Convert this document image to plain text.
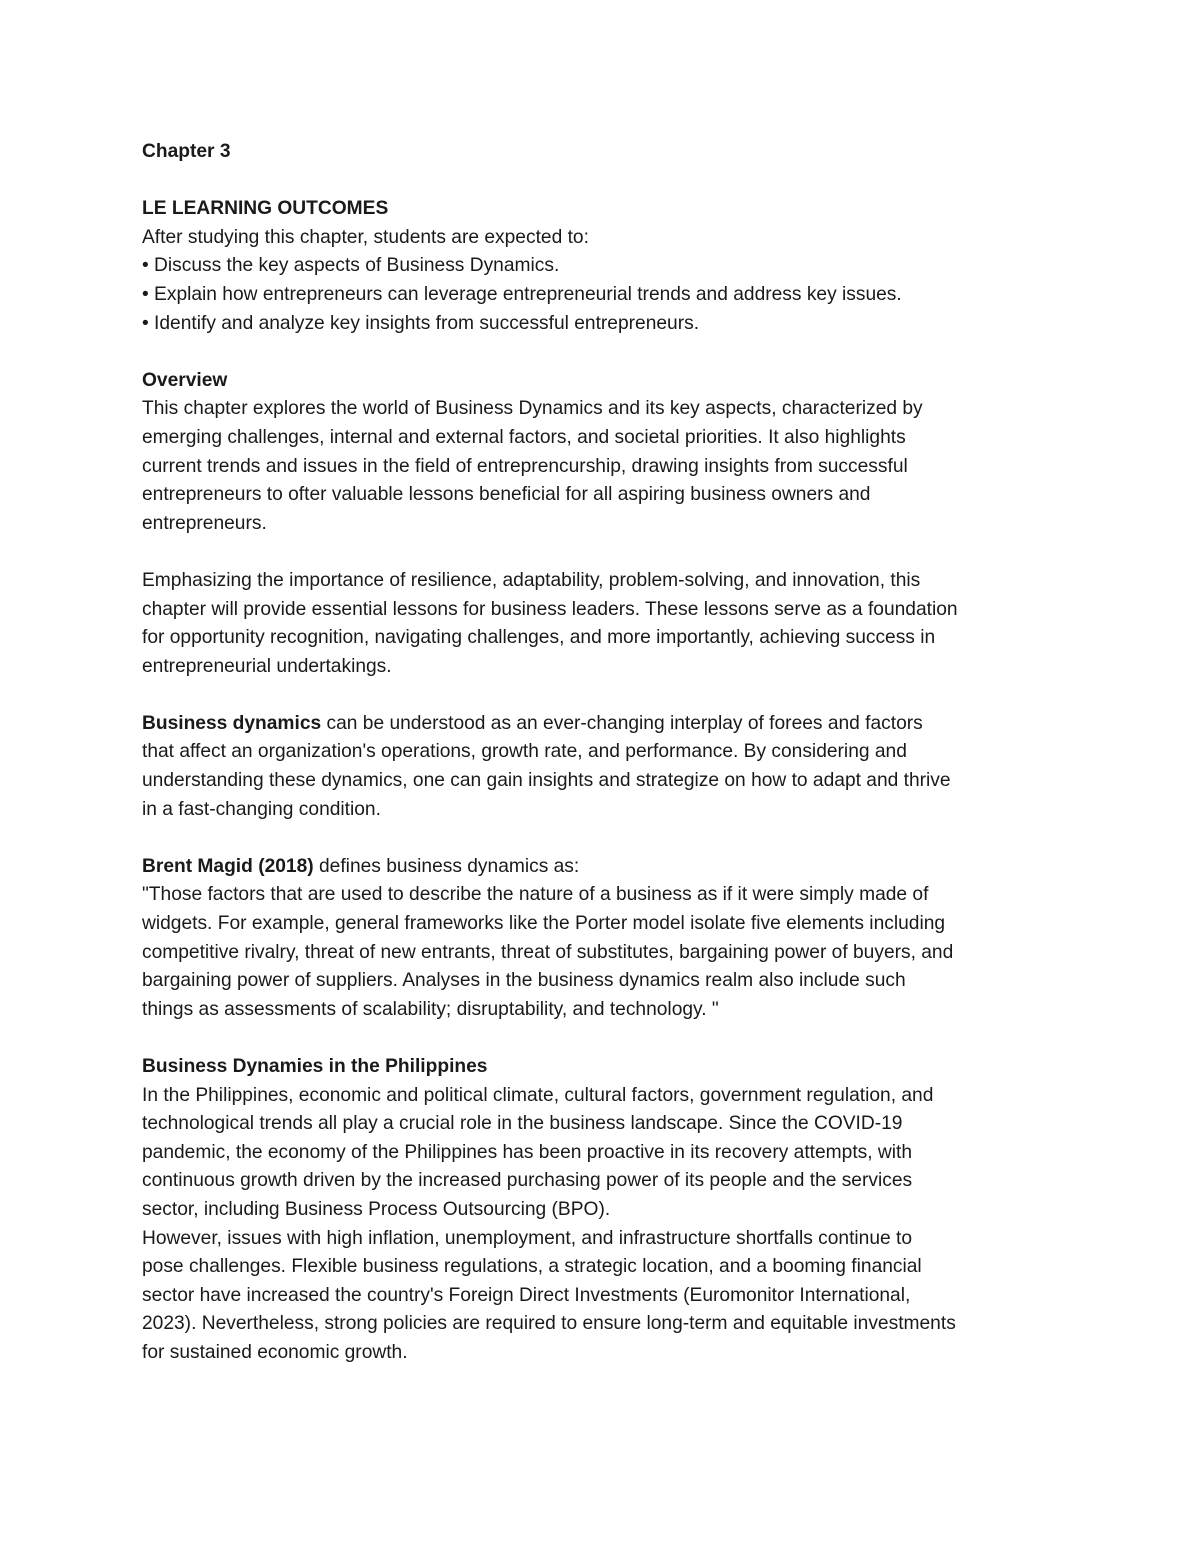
Chapter 3
LE LEARNING OUTCOMES
After studying this chapter, students are expected to:
• Discuss the key aspects of Business Dynamics.
• Explain how entrepreneurs can leverage entrepreneurial trends and address key issues.
• Identify and analyze key insights from successful entrepreneurs.
Overview
This chapter explores the world of Business Dynamics and its key aspects, characterized by
emerging challenges, internal and external factors, and societal priorities. It also highlights
current trends and issues in the field of entreprencurship, drawing insights from successful
entrepreneurs to ofter valuable lessons beneficial for all aspiring business owners and
entrepreneurs.
Emphasizing the importance of resilience, adaptability, problem-solving, and innovation, this
chapter will provide essential lessons for business leaders. These lessons serve as a foundation
for opportunity recognition, navigating challenges, and more importantly, achieving success in
entrepreneurial undertakings.
Business dynamics can be understood as an ever-changing interplay of forees and factors
that affect an organization's operations, growth rate, and performance. By considering and
understanding these dynamics, one can gain insights and strategize on how to adapt and thrive
in a fast-changing condition.
Brent Magid (2018) defines business dynamics as:
"Those factors that are used to describe the nature of a business as if it were simply made of
widgets. For example, general frameworks like the Porter model isolate five elements including
competitive rivalry, threat of new entrants, threat of substitutes, bargaining power of buyers, and
bargaining power of suppliers. Analyses in the business dynamics realm also include such
things as assessments of scalability; disruptability, and technology. "
Business Dynamies in the Philippines
In the Philippines, economic and political climate, cultural factors, government regulation, and
technological trends all play a crucial role in the business landscape. Since the COVID-19
pandemic, the economy of the Philippines has been proactive in its recovery attempts, with
continuous growth driven by the increased purchasing power of its people and the services
sector, including Business Process Outsourcing (BPO).
However, issues with high inflation, unemployment, and infrastructure shortfalls continue to
pose challenges. Flexible business regulations, a strategic location, and a booming financial
sector have increased the country's Foreign Direct Investments (Euromonitor International,
2023). Nevertheless, strong policies are required to ensure long-term and equitable investments
for sustained economic growth.
